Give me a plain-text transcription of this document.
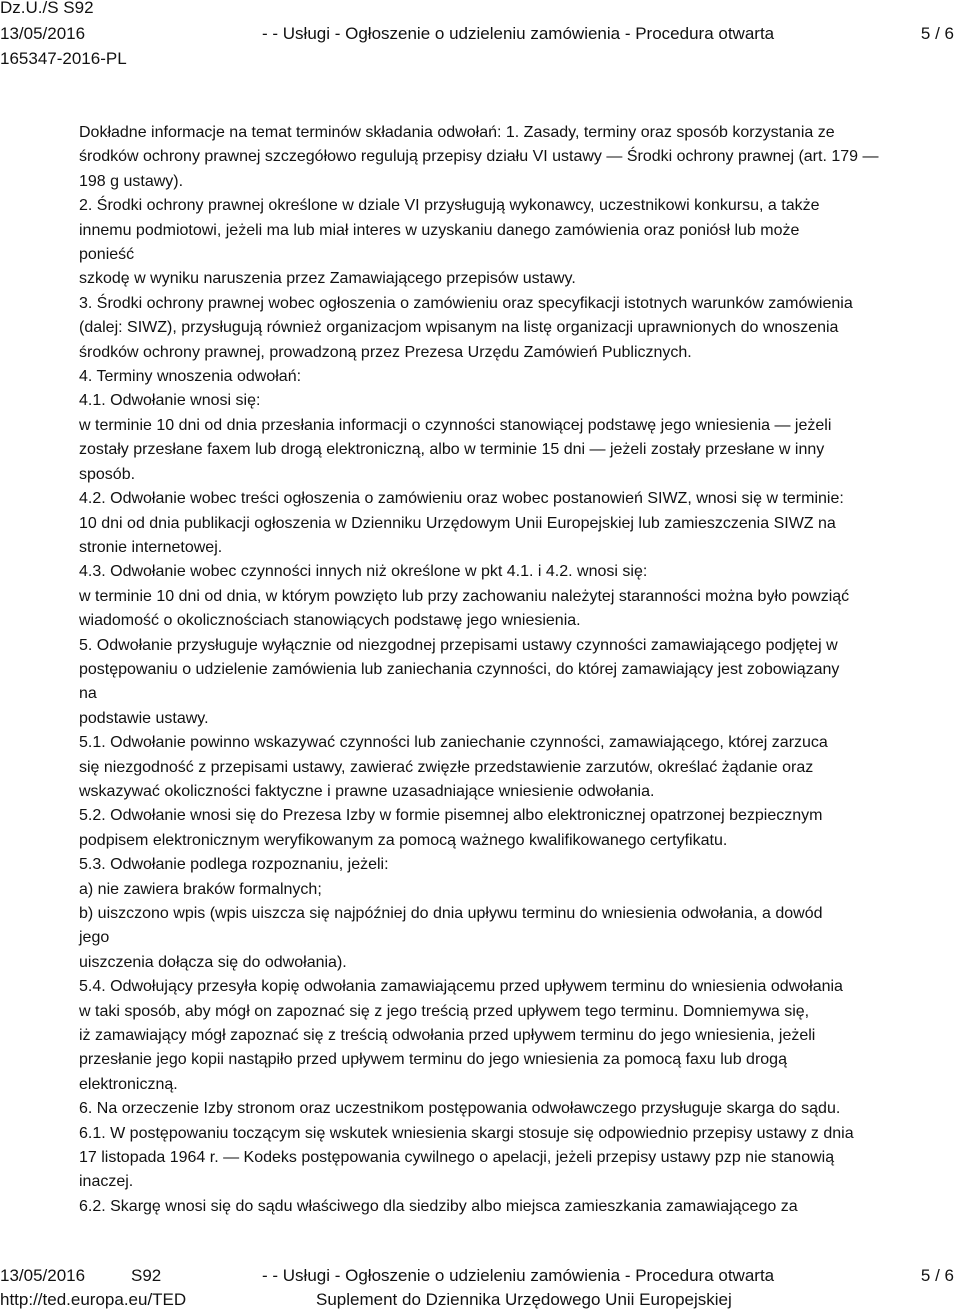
Dz.U./S S92
13/05/2016
165347-2016-PL
- - Usługi - Ogłoszenie o udzieleniu zamówienia - Procedura otwarta	5 / 6
Dokładne informacje na temat terminów składania odwołań: 1. Zasady, terminy oraz sposób korzystania ze
środków ochrony prawnej szczegółowo regulują przepisy działu VI ustawy — Środki ochrony prawnej (art. 179 —
198 g ustawy).
2. Środki ochrony prawnej określone w dziale VI przysługują wykonawcy, uczestnikowi konkursu, a także
innemu podmiotowi, jeżeli ma lub miał interes w uzyskaniu danego zamówienia oraz poniósł lub może
ponieść
szkodę w wyniku naruszenia przez Zamawiającego przepisów ustawy.
3. Środki ochrony prawnej wobec ogłoszenia o zamówieniu oraz specyfikacji istotnych warunków zamówienia
(dalej: SIWZ), przysługują również organizacjom wpisanym na listę organizacji uprawnionych do wnoszenia
środków ochrony prawnej, prowadzoną przez Prezesa Urzędu Zamówień Publicznych.
4. Terminy wnoszenia odwołań:
4.1. Odwołanie wnosi się:
w terminie 10 dni od dnia przesłania informacji o czynności stanowiącej podstawę jego wniesienia — jeżeli
zostały przesłane faxem lub drogą elektroniczną, albo w terminie 15 dni — jeżeli zostały przesłane w inny
sposób.
4.2. Odwołanie wobec treści ogłoszenia o zamówieniu oraz wobec postanowień SIWZ, wnosi się w terminie:
10 dni od dnia publikacji ogłoszenia w Dzienniku Urzędowym Unii Europejskiej lub zamieszczenia SIWZ na
stronie internetowej.
4.3. Odwołanie wobec czynności innych niż określone w pkt 4.1. i 4.2. wnosi się:
w terminie 10 dni od dnia, w którym powzięto lub przy zachowaniu należytej staranności można było powziąć
wiadomość o okolicznościach stanowiących podstawę jego wniesienia.
5. Odwołanie przysługuje wyłącznie od niezgodnej przepisami ustawy czynności zamawiającego podjętej w
postępowaniu o udzielenie zamówienia lub zaniechania czynności, do której zamawiający jest zobowiązany
na
podstawie ustawy.
5.1. Odwołanie powinno wskazywać czynności lub zaniechanie czynności, zamawiającego, której zarzuca
się niezgodność z przepisami ustawy, zawierać zwięzłe przedstawienie zarzutów, określać żądanie oraz
wskazywać okoliczności faktyczne i prawne uzasadniające wniesienie odwołania.
5.2. Odwołanie wnosi się do Prezesa Izby w formie pisemnej albo elektronicznej opatrzonej bezpiecznym
podpisem elektronicznym weryfikowanym za pomocą ważnego kwalifikowanego certyfikatu.
5.3. Odwołanie podlega rozpoznaniu, jeżeli:
a) nie zawiera braków formalnych;
b) uiszczono wpis (wpis uiszcza się najpóźniej do dnia upływu terminu do wniesienia odwołania, a dowód
jego
uiszczenia dołącza się do odwołania).
5.4. Odwołujący przesyła kopię odwołania zamawiającemu przed upływem terminu do wniesienia odwołania
w taki sposób, aby mógł on zapoznać się z jego treścią przed upływem tego terminu. Domniemywa się,
iż zamawiający mógł zapoznać się z treścią odwołania przed upływem terminu do jego wniesienia, jeżeli
przesłanie jego kopii nastąpiło przed upływem terminu do jego wniesienia za pomocą faxu lub drogą
elektroniczną.
6. Na orzeczenie Izby stronom oraz uczestnikom postępowania odwoławczego przysługuje skarga do sądu.
6.1. W postępowaniu toczącym się wskutek wniesienia skargi stosuje się odpowiednio przepisy ustawy z dnia
17 listopada 1964 r. — Kodeks postępowania cywilnego o apelacji, jeżeli przepisy ustawy pzp nie stanowią
inaczej.
6.2. Skargę wnosi się do sądu właściwego dla siedziby albo miejsca zamieszkania zamawiającego za
13/05/2016	S92	- - Usługi - Ogłoszenie o udzieleniu zamówienia - Procedura otwarta	5 / 6
http://ted.europa.eu/TED	Suplement do Dziennika Urzędowego Unii Europejskiej
